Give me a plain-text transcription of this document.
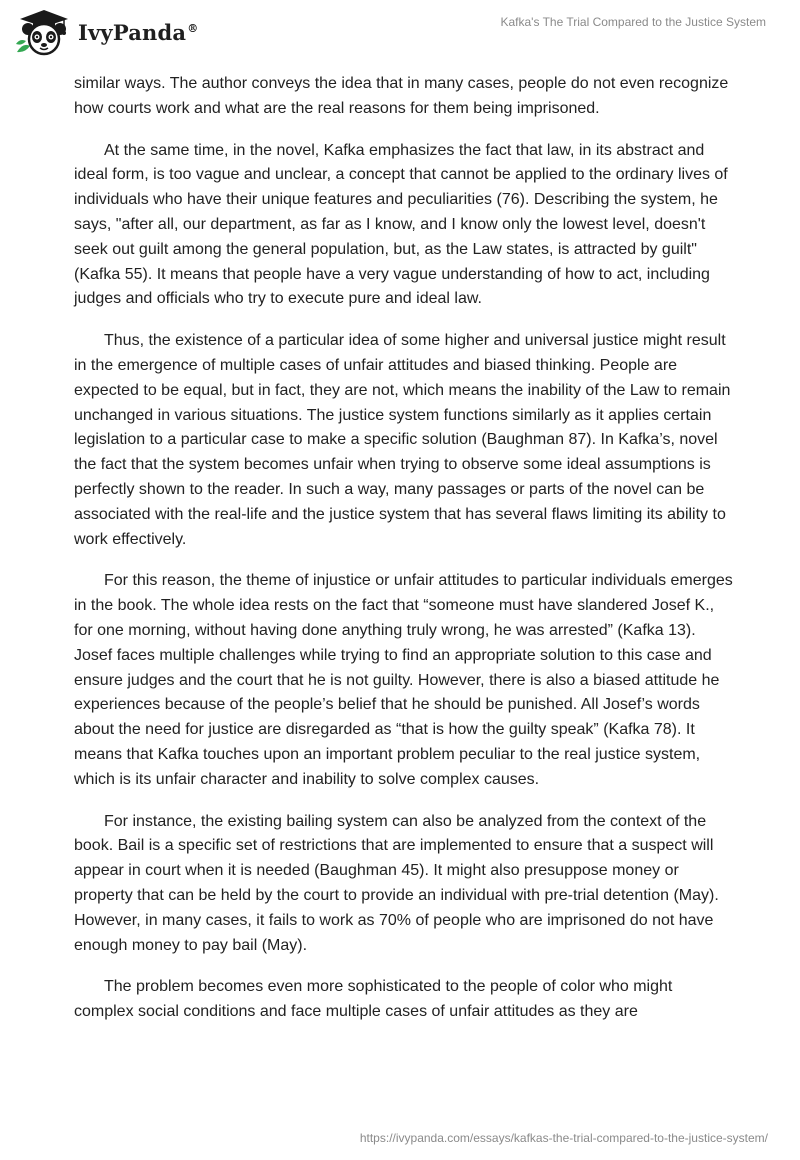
IvyPanda®	Kafka's The Trial Compared to the Justice System

similar ways. The author conveys the idea that in many cases, people do not even recognize how courts work and what are the real reasons for them being imprisoned.

At the same time, in the novel, Kafka emphasizes the fact that law, in its abstract and ideal form, is too vague and unclear, a concept that cannot be applied to the ordinary lives of individuals who have their unique features and peculiarities (76). Describing the system, he says, "after all, our department, as far as I know, and I know only the lowest level, doesn't seek out guilt among the general population, but, as the Law states, is attracted by guilt" (Kafka 55). It means that people have a very vague understanding of how to act, including judges and officials who try to execute pure and ideal law.

Thus, the existence of a particular idea of some higher and universal justice might result in the emergence of multiple cases of unfair attitudes and biased thinking. People are expected to be equal, but in fact, they are not, which means the inability of the Law to remain unchanged in various situations. The justice system functions similarly as it applies certain legislation to a particular case to make a specific solution (Baughman 87). In Kafka’s, novel the fact that the system becomes unfair when trying to observe some ideal assumptions is perfectly shown to the reader. In such a way, many passages or parts of the novel can be associated with the real-life and the justice system that has several flaws limiting its ability to work effectively.

For this reason, the theme of injustice or unfair attitudes to particular individuals emerges in the book. The whole idea rests on the fact that “someone must have slandered Josef K., for one morning, without having done anything truly wrong, he was arrested” (Kafka 13). Josef faces multiple challenges while trying to find an appropriate solution to this case and ensure judges and the court that he is not guilty. However, there is also a biased attitude he experiences because of the people’s belief that he should be punished. All Josef’s words about the need for justice are disregarded as “that is how the guilty speak” (Kafka 78). It means that Kafka touches upon an important problem peculiar to the real justice system, which is its unfair character and inability to solve complex causes.

For instance, the existing bailing system can also be analyzed from the context of the book. Bail is a specific set of restrictions that are implemented to ensure that a suspect will appear in court when it is needed (Baughman 45). It might also presuppose money or property that can be held by the court to provide an individual with pre-trial detention (May). However, in many cases, it fails to work as 70% of people who are imprisoned do not have enough money to pay bail (May).

The problem becomes even more sophisticated to the people of color who might complex social conditions and face multiple cases of unfair attitudes as they are

https://ivypanda.com/essays/kafkas-the-trial-compared-to-the-justice-system/
